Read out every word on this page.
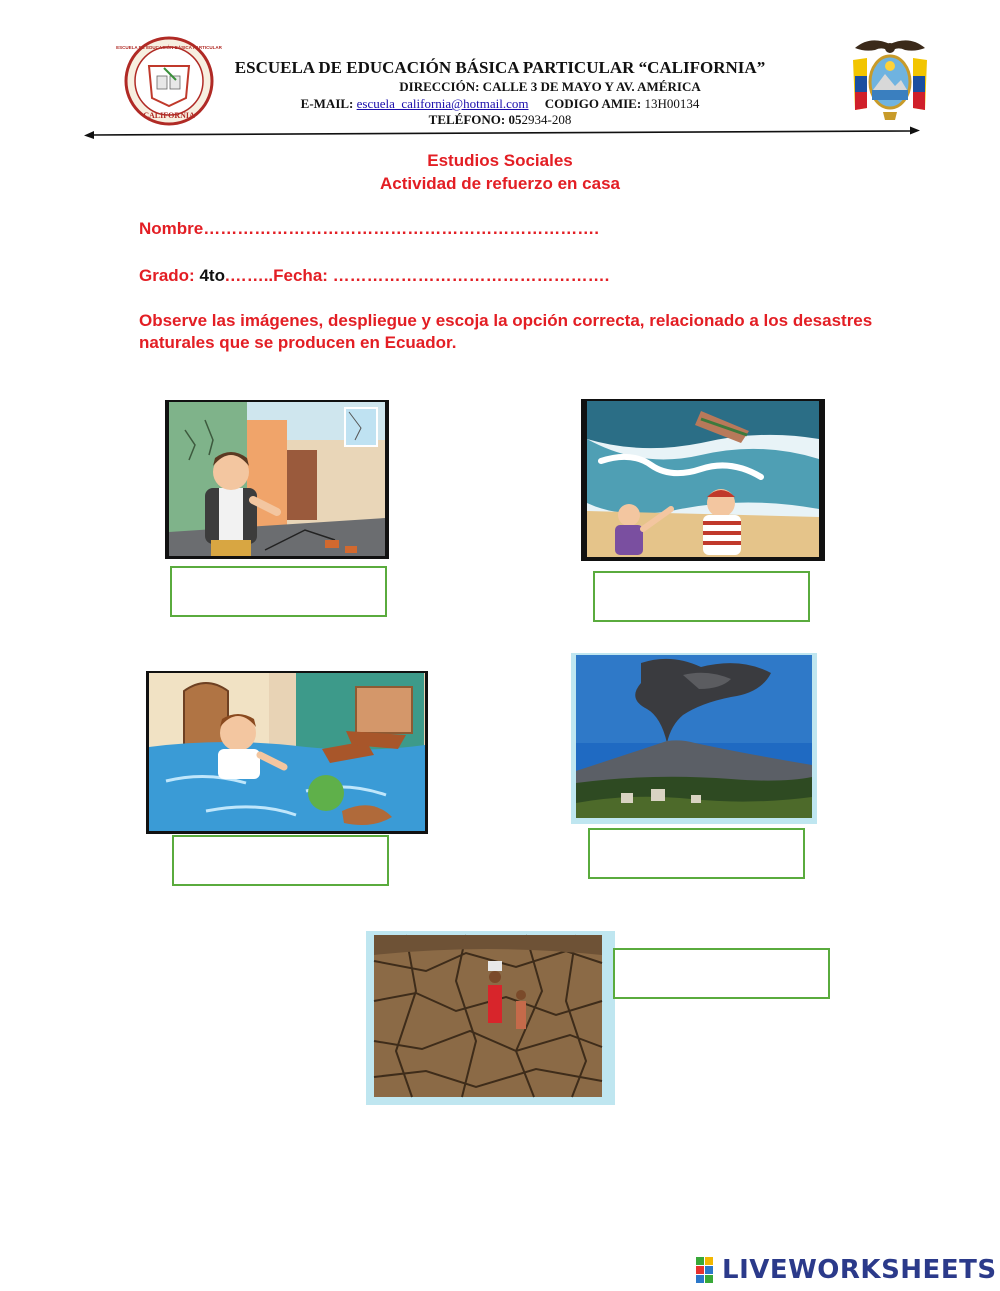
CALIFORNIA
ESCUELA DE EDUCACIÓN BÁSICA PARTICULAR
ESCUELA DE EDUCACIÓN BÁSICA PARTICULAR “CALIFORNIA”
DIRECCIÓN: CALLE 3 DE MAYO Y AV. AMÉRICA
E-MAIL: escuela_california@hotmail.com CODIGO AMIE: 13H00134
TELÉFONO: 052934-208
Estudios Sociales
Actividad de refuerzo en casa
Nombre…………………………………………………………….
Grado: 4to.……..Fecha: ………………………………………….
Observe las imágenes, despliegue y escoja la opción correcta, relacionado a los desastres naturales que se producen en Ecuador.
LIVEWORKSHEETS
